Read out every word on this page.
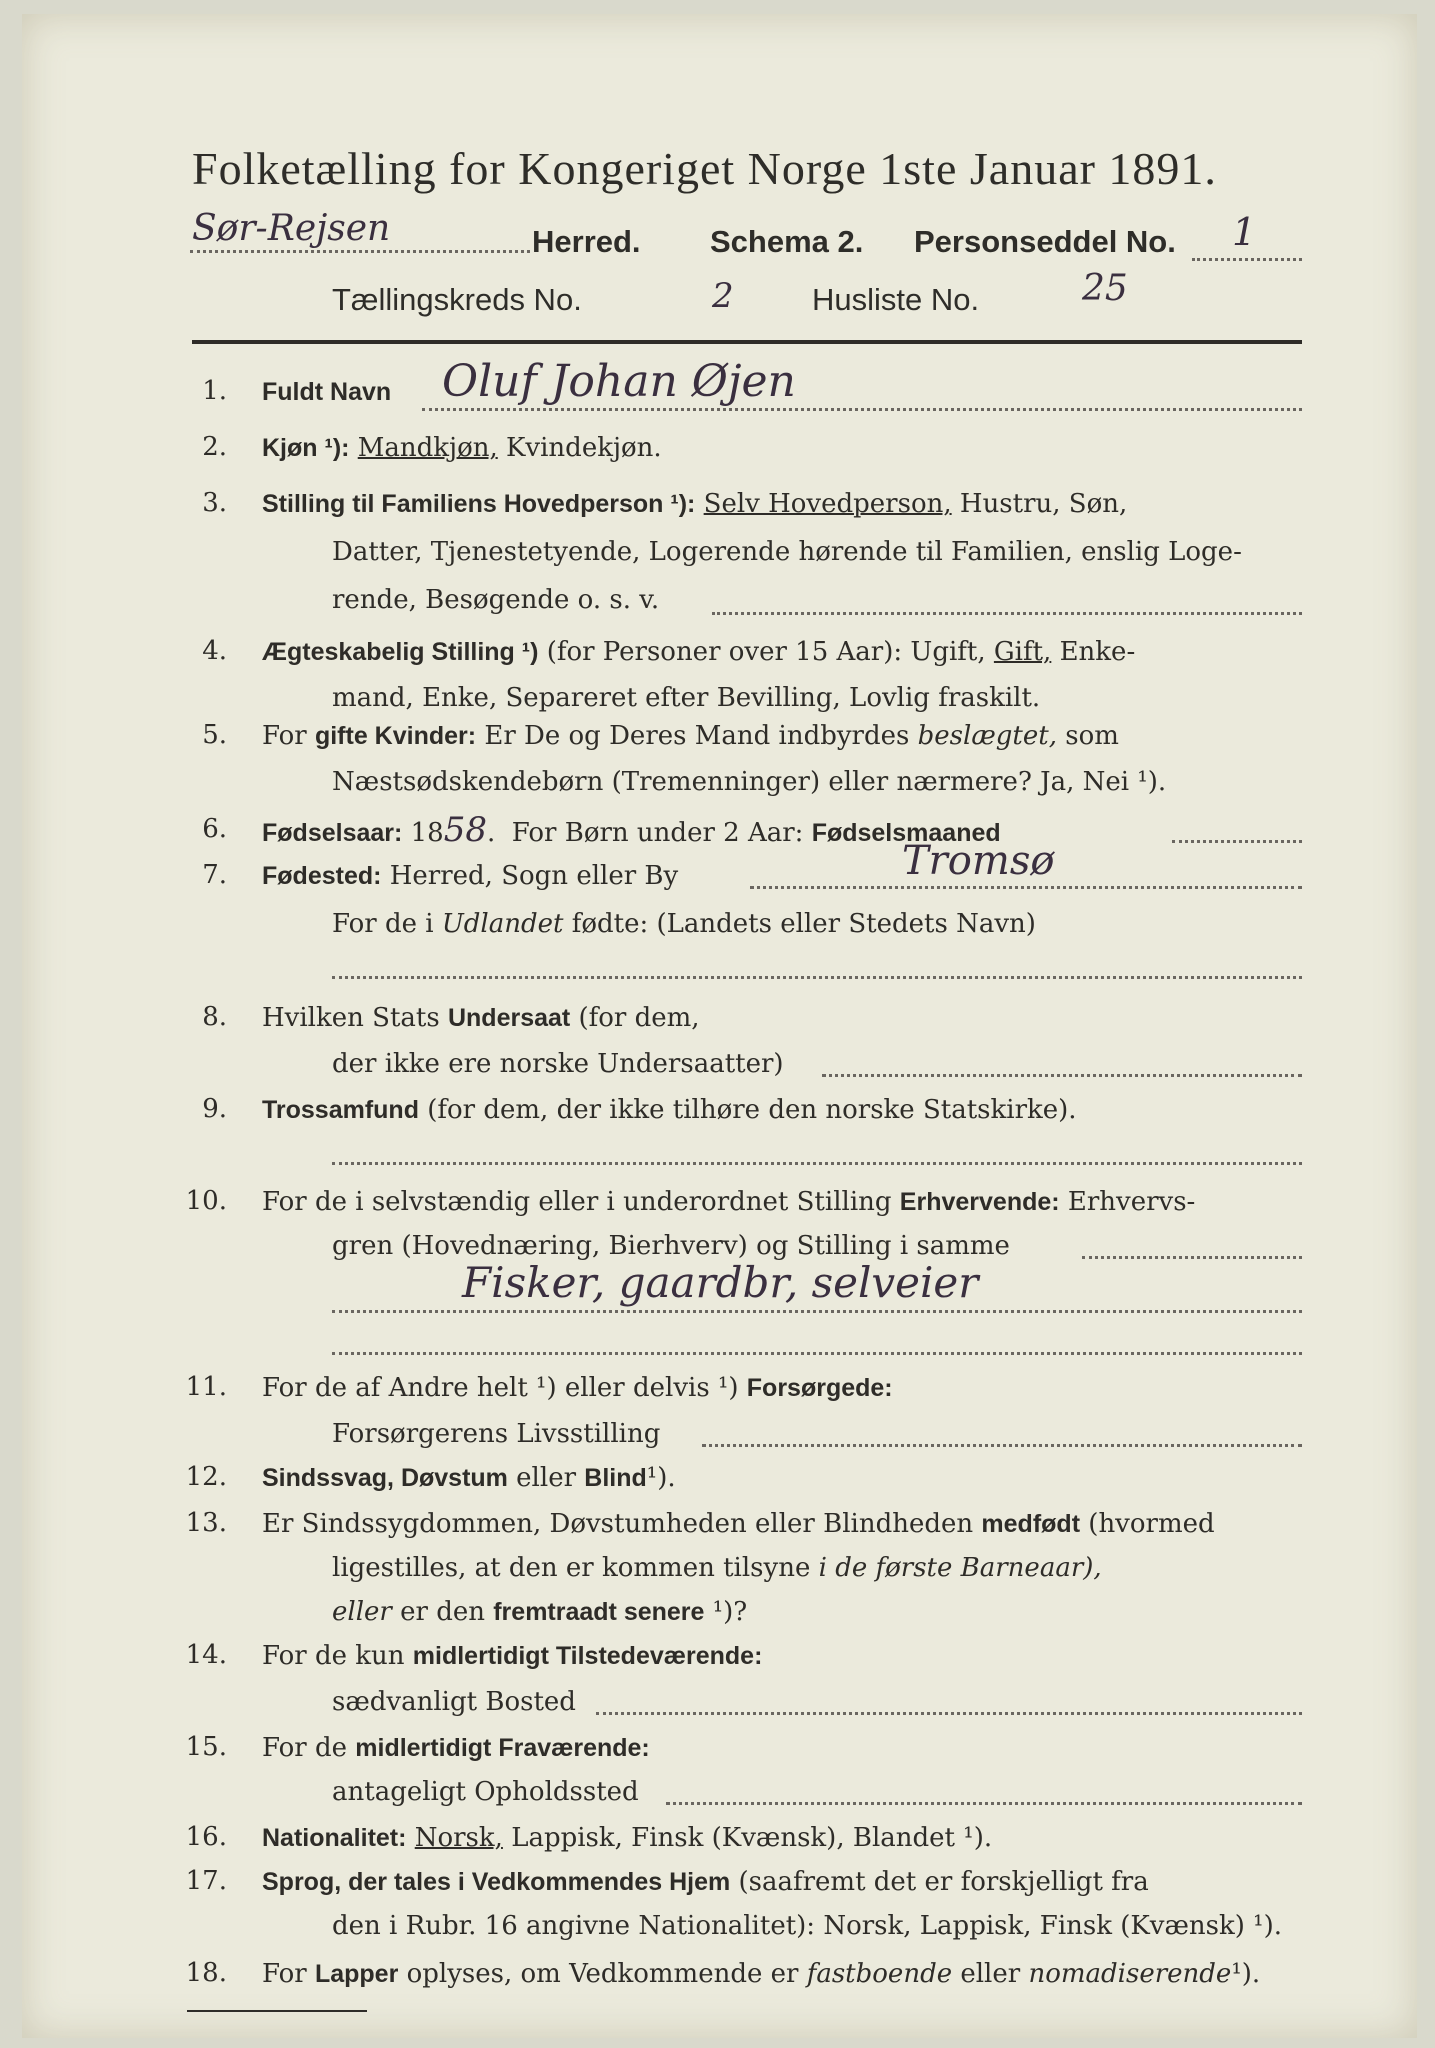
Folketælling for Kongeriget Norge 1ste Januar 1891.
Sør-Rejsen	Herred. Schema 2. Personseddel No. 1
Tællingskreds No.	2	Husliste No.	25
1. Fuldt Navn Oluf Johan Øjen
2. Kjøn ¹): Mandkjøn, Kvindekjøn.
3. Stilling til Familiens Hovedperson ¹): Selv Hovedperson, Hustru, Søn,
Datter, Tjenestetyende, Logerende hørende til Familien, enslig Loge-
rende, Besøgende o. s. v.
4. Ægteskabelig Stilling ¹) (for Personer over 15 Aar): Ugift, Gift, Enke-
mand, Enke, Separeret efter Bevilling, Lovlig fraskilt.
5. For gifte Kvinder: Er De og Deres Mand indbyrdes beslægtet, som
Næstsødskendebørn (Tremenninger) eller nærmere? Ja, Nei ¹).
6. Fødselsaar: 1858.  For Børn under 2 Aar: Fødselsmaaned
7. Fødested: Herred, Sogn eller By	Tromsø
For de i Udlandet fødte: (Landets eller Stedets Navn)
8. Hvilken Stats Undersaat (for dem,
der ikke ere norske Undersaatter)
9. Trossamfund (for dem, der ikke tilhøre den norske Statskirke).
10. For de i selvstændig eller i underordnet Stilling Erhvervende: Erhvervs-
gren (Hovednæring, Bierhverv) og Stilling i samme
Fisker, gaardbr, selveier
11. For de af Andre helt ¹) eller delvis ¹) Forsørgede:
Forsørgerens Livsstilling
12. Sindssvag, Døvstum eller Blind¹).
13. Er Sindssygdommen, Døvstumheden eller Blindheden medfødt (hvormed
ligestilles, at den er kommen tilsyne i de første Barneaar),
eller er den fremtraadt senere ¹)?
14. For de kun midlertidigt Tilstedeværende:
sædvanligt Bosted
15. For de midlertidigt Fraværende:
antageligt Opholdssted
16. Nationalitet: Norsk, Lappisk, Finsk (Kvænsk), Blandet ¹).
17. Sprog, der tales i Vedkommendes Hjem (saafremt det er forskjelligt fra
den i Rubr. 16 angivne Nationalitet): Norsk, Lappisk, Finsk (Kvænsk) ¹).
18. For Lapper oplyses, om Vedkommende er fastboende eller nomadiserende¹).
